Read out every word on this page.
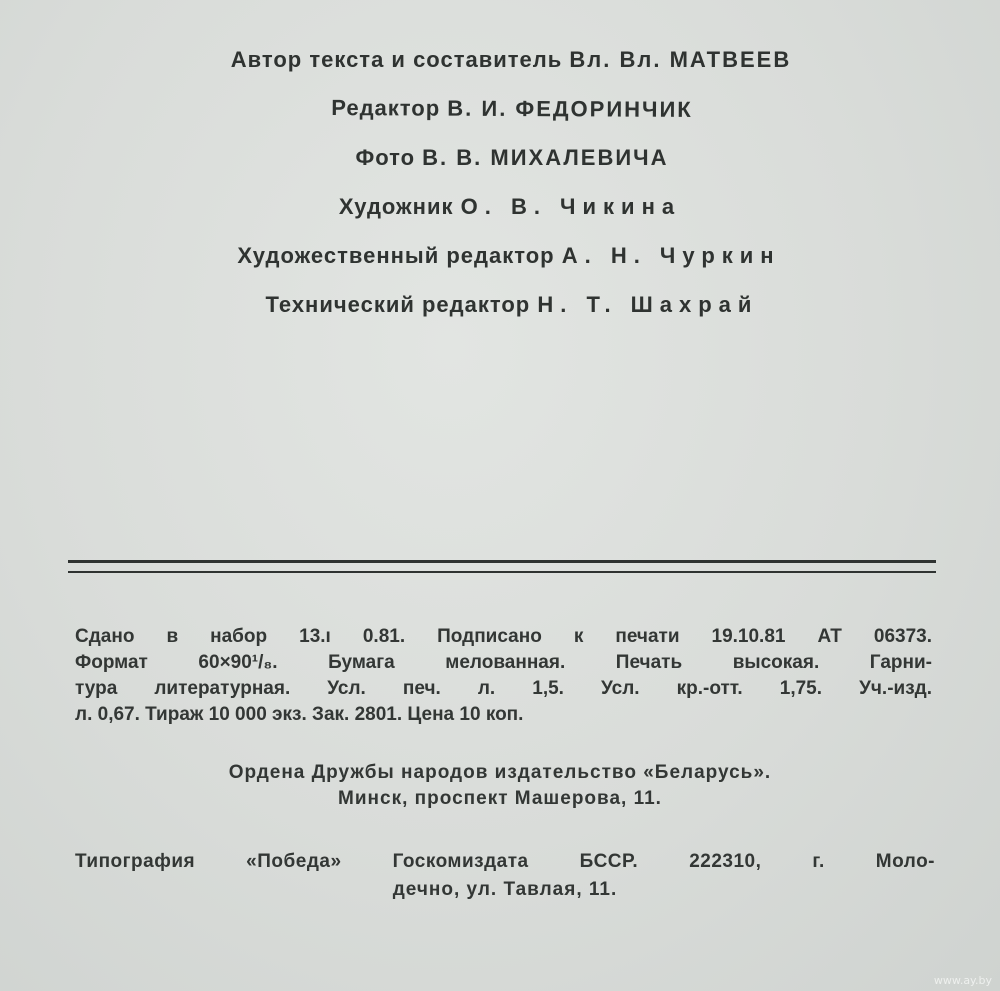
Автор текста и составитель Вл. Вл. МАТВЕЕВ
Редактор В. И. ФЕДОРИНЧИК
Фото В. В. МИХАЛЕВИЧА
Художник О. В. Чикина
Художественный редактор А. Н. Чуркин
Технический редактор Н. Т. Шахрай
Сдано в набор 13.ı 0.81. Подписано к печати 19.10.81 АТ 06373.
Формат 60×90¹/₈. Бумага мелованная. Печать высокая. Гарни-
тура литературная. Усл. печ. л. 1,5. Усл. кр.-отт. 1,75. Уч.-изд.
л. 0,67. Тираж 10 000 экз. Зак. 2801. Цена 10 коп.
Ордена Дружбы народов издательство «Беларусь».
Минск, проспект Машерова, 11.
Типография «Победа» Госкомиздата БССР. 222310, г. Моло-
дечно, ул. Тавлая, 11.
www.ay.by
